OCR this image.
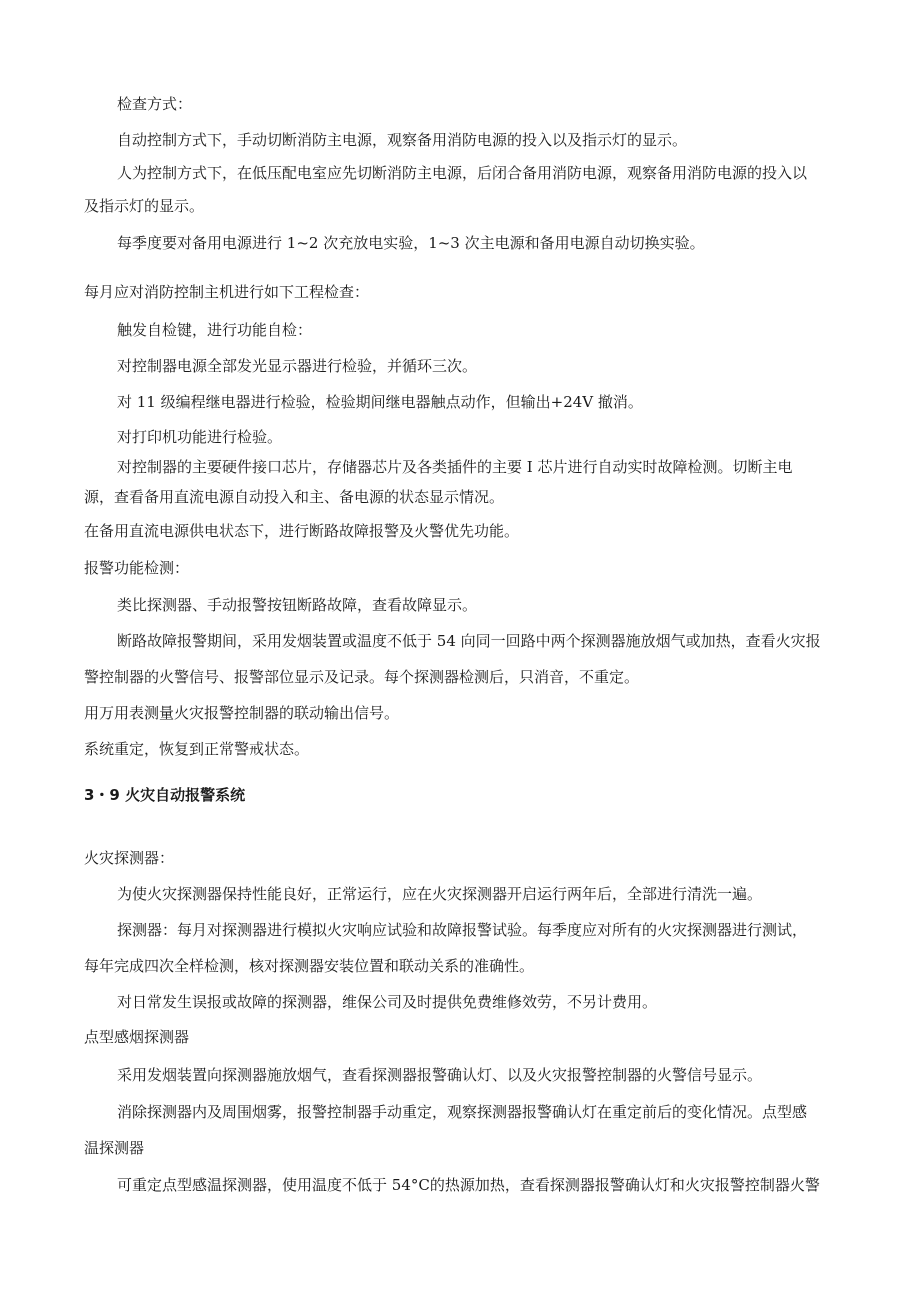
检查方式：
自动控制方式下，手动切断消防主电源，观察备用消防电源的投入以及指示灯的显示。
人为控制方式下，在低压配电室应先切断消防主电源，后闭合备用消防电源，观察备用消防电源的投入以
及指示灯的显示。
每季度要对备用电源进行 1~2 次充放电实验，1~3 次主电源和备用电源自动切换实验。
每月应对消防控制主机进行如下工程检查：
触发自检键，进行功能自检：
对控制器电源全部发光显示器进行检验，并循环三次。
对 11 级编程继电器进行检验，检验期间继电器触点动作，但输出+24V 撤消。
对打印机功能进行检验。
对控制器的主要硬件接口芯片，存储器芯片及各类插件的主要 I 芯片进行自动实时故障检测。切断主电
源，查看备用直流电源自动投入和主、备电源的状态显示情况。
在备用直流电源供电状态下，进行断路故障报警及火警优先功能。
报警功能检测：
类比探测器、手动报警按钮断路故障，查看故障显示。
断路故障报警期间，采用发烟装置或温度不低于 54 向同一回路中两个探测器施放烟气或加热，查看火灾报
警控制器的火警信号、报警部位显示及记录。每个探测器检测后，只消音，不重定。
用万用表测量火灾报警控制器的联动输出信号。
系统重定，恢复到正常警戒状态。
3・9 火灾自动报警系统
火灾探测器：
为使火灾探测器保持性能良好，正常运行，应在火灾探测器开启运行两年后，全部进行清洗一遍。
探测器：每月对探测器进行模拟火灾响应试验和故障报警试验。每季度应对所有的火灾探测器进行测试，
每年完成四次全样检测，核对探测器安装位置和联动关系的准确性。
对日常发生误报或故障的探测器，维保公司及时提供免费维修效劳，不另计费用。
点型感烟探测器
采用发烟装置向探测器施放烟气，查看探测器报警确认灯、以及火灾报警控制器的火警信号显示。
消除探测器内及周围烟雾，报警控制器手动重定，观察探测器报警确认灯在重定前后的变化情况。点型感
温探测器
可重定点型感温探测器，使用温度不低于 54°C的热源加热，查看探测器报警确认灯和火灾报警控制器火警
